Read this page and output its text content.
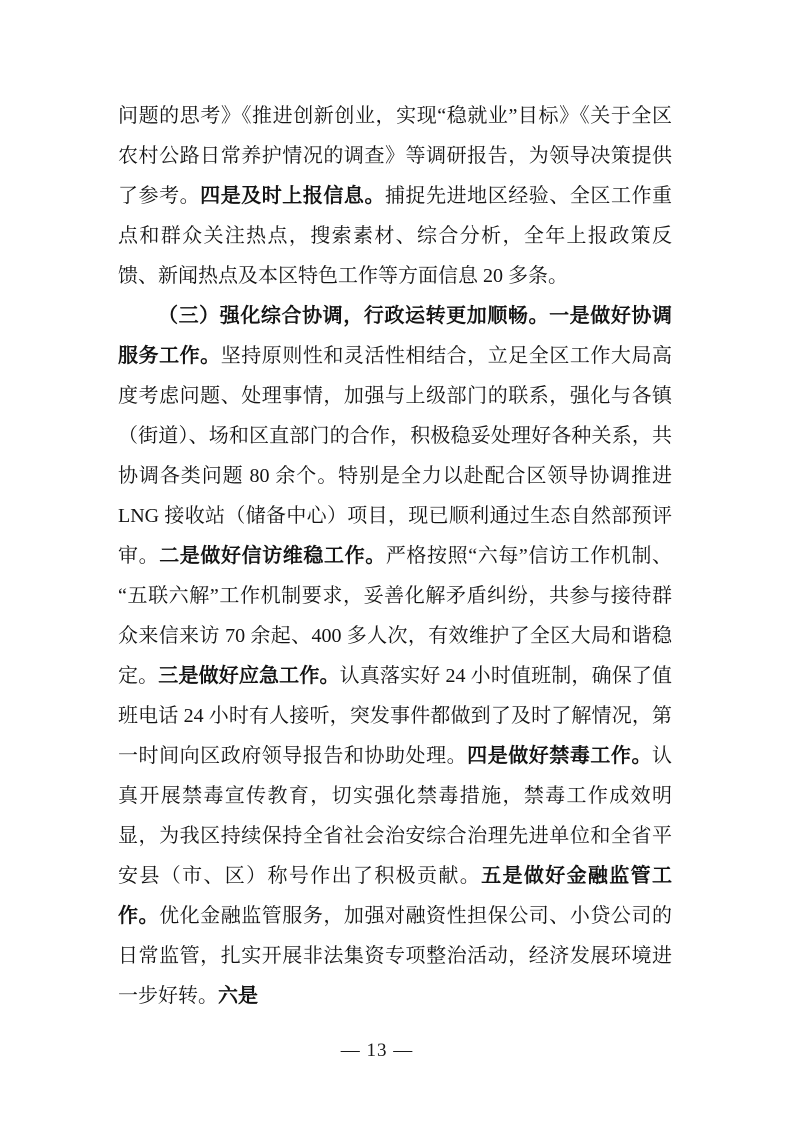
问题的思考》《推进创新创业，实现“稳就业”目标》《关于全区农村公路日常养护情况的调查》等调研报告，为领导决策提供了参考。四是及时上报信息。捕捉先进地区经验、全区工作重点和群众关注热点，搜索素材、综合分析，全年上报政策反馈、新闻热点及本区特色工作等方面信息 20 多条。

（三）强化综合协调，行政运转更加顺畅。一是做好协调服务工作。坚持原则性和灵活性相结合，立足全区工作大局高度考虑问题、处理事情，加强与上级部门的联系，强化与各镇（街道）、场和区直部门的合作，积极稳妥处理好各种关系，共协调各类问题 80 余个。特别是全力以赴配合区领导协调推进 LNG 接收站（储备中心）项目，现已顺利通过生态自然部预评审。二是做好信访维稳工作。严格按照“六每”信访工作机制、“五联六解”工作机制要求，妥善化解矛盾纠纷，共参与接待群众来信来访 70 余起、400 多人次，有效维护了全区大局和谐稳定。三是做好应急工作。认真落实好 24 小时值班制，确保了值班电话 24 小时有人接听，突发事件都做到了及时了解情况，第一时间向区政府领导报告和协助处理。四是做好禁毒工作。认真开展禁毒宣传教育，切实强化禁毒措施，禁毒工作成效明显，为我区持续保持全省社会治安综合治理先进单位和全省平安县（市、区）称号作出了积极贡献。五是做好金融监管工作。优化金融监管服务，加强对融资性担保公司、小贷公司的日常监管，扎实开展非法集资专项整治活动，经济发展环境进一步好转。六是

— 13 —
